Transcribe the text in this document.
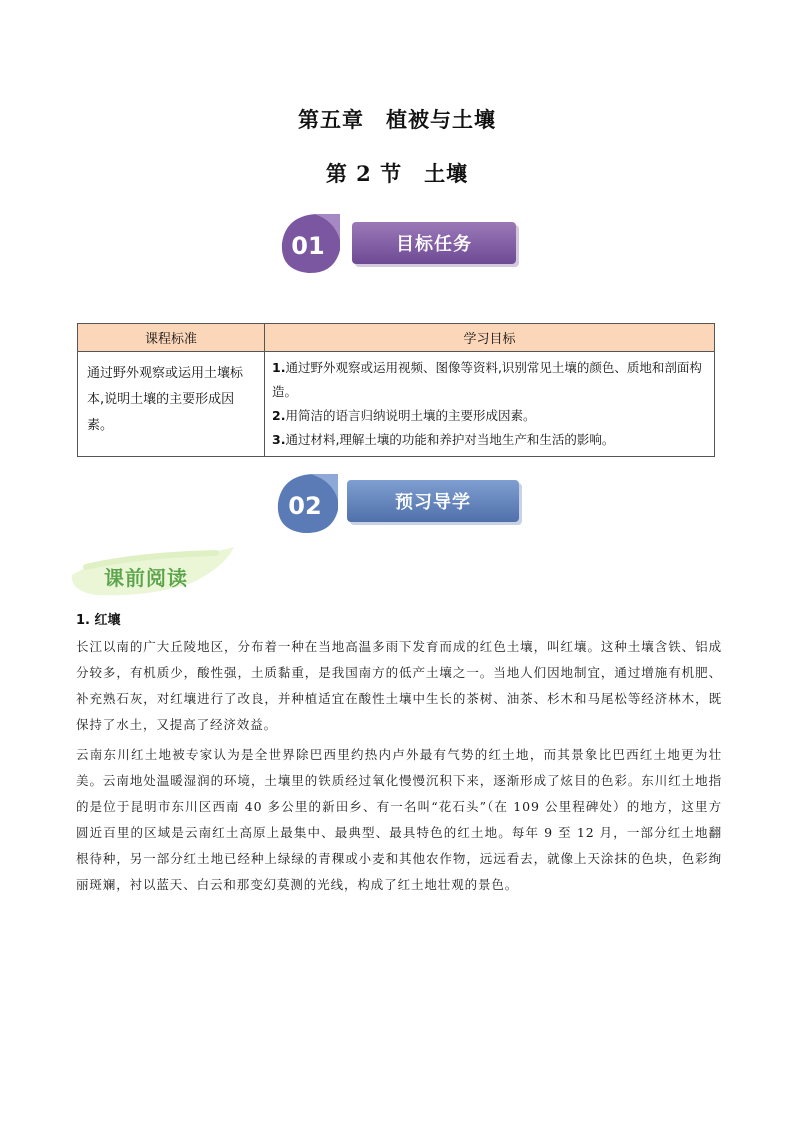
第五章　植被与土壤
第 2 节　土壤
01	目标任务
课程标准	学习目标
通过野外观察或运用土壤标本,说明土壤的主要形成因素。	1.通过野外观察或运用视频、图像等资料,识别常见土壤的颜色、质地和剖面构造。
2.用简洁的语言归纳说明土壤的主要形成因素。
3.通过材料,理解土壤的功能和养护对当地生产和生活的影响。
02	预习导学
课前阅读
1. 红壤

长江以南的广大丘陵地区，分布着一种在当地高温多雨下发育而成的红色土壤，叫红壤。这种土壤含铁、铝成分较多，有机质少，酸性强，土质黏重，是我国南方的低产土壤之一。当地人们因地制宜，通过增施有机肥、补充熟石灰，对红壤进行了改良，并种植适宜在酸性土壤中生长的茶树、油茶、杉木和马尾松等经济林木，既保持了水土，又提高了经济效益。

云南东川红土地被专家认为是全世界除巴西里约热内卢外最有气势的红土地，而其景象比巴西红土地更为壮美。云南地处温暖湿润的环境，土壤里的铁质经过氧化慢慢沉积下来，逐渐形成了炫目的色彩。东川红土地指的是位于昆明市东川区西南 40 多公里的新田乡、有一名叫“花石头”（在 109 公里程碑处）的地方，这里方圆近百里的区域是云南红土高原上最集中、最典型、最具特色的红土地。每年 9 至 12 月，一部分红土地翻根待种，另一部分红土地已经种上绿绿的青稞或小麦和其他农作物，远远看去，就像上天涂抹的色块，色彩绚丽斑斓，衬以蓝天、白云和那变幻莫测的光线，构成了红土地壮观的景色。
